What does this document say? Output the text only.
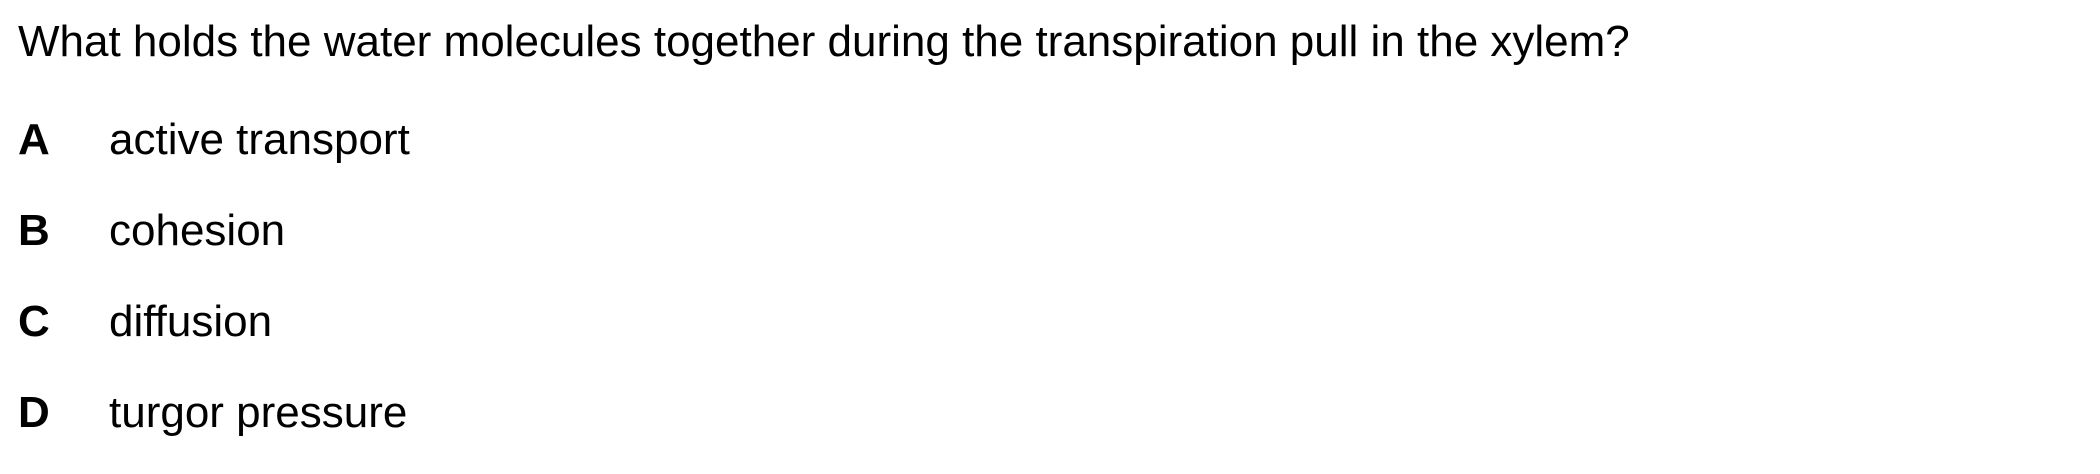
What holds the water molecules together during the transpiration pull in the xylem?
A	active transport
B	cohesion
C	diffusion
D	turgor pressure
